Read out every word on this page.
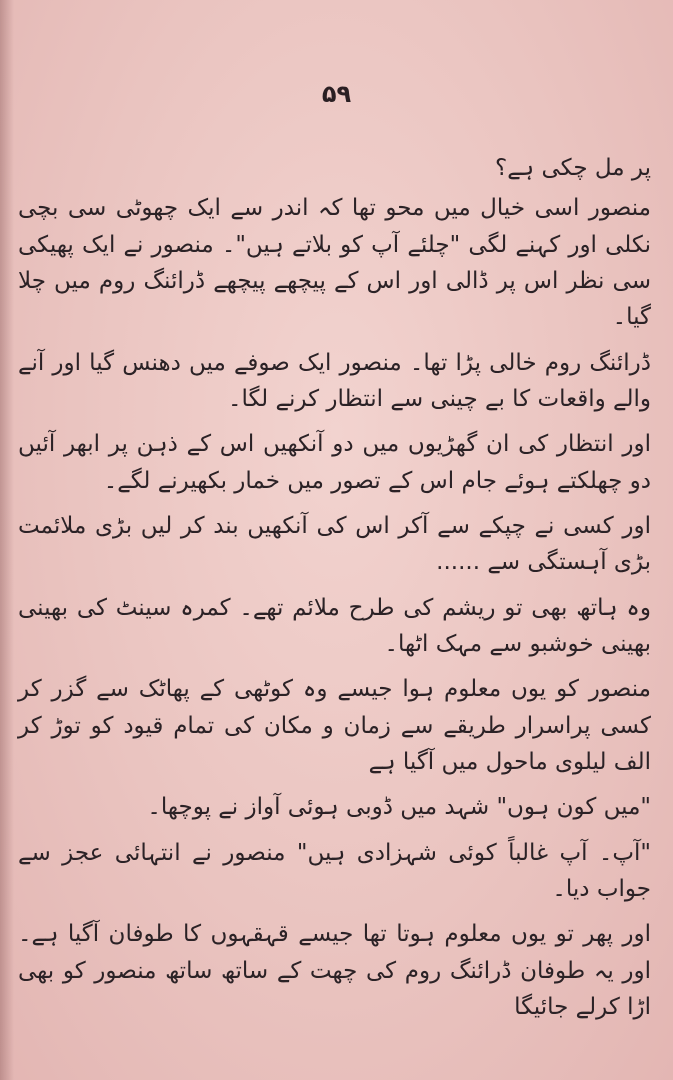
۵۹

پر مل چکی ہے؟

منصور اسی خیال میں محو تھا کہ اندر سے ایک چھوٹی سی بچی نکلی اور کہنے لگی "چلئے آپ کو بلاتے ہیں"۔ منصور نے ایک پھیکی سی نظر اس پر ڈالی اور اس کے پیچھے پیچھے ڈرائنگ روم میں چلا گیا۔

ڈرائنگ روم خالی پڑا تھا۔ منصور ایک صوفے میں دھنس گیا اور آنے والے واقعات کا بے چینی سے انتظار کرنے لگا۔

اور انتظار کی ان گھڑیوں میں دو آنکھیں اس کے ذہن پر ابھر آئیں دو چھلکتے ہوئے جام اس کے تصور میں خمار بکھیرنے لگے۔

اور کسی نے چپکے سے آکر اس کی آنکھیں بند کر لیں بڑی ملائمت بڑی آہستگی سے ......

وہ ہاتھ بھی تو ریشم کی طرح ملائم تھے۔ کمرہ سینٹ کی بھینی بھینی خوشبو سے مہک اٹھا۔

منصور کو یوں معلوم ہوا جیسے وہ کوٹھی کے پھاٹک سے گزر کر کسی پراسرار طریقے سے زمان و مکان کی تمام قیود کو توڑ کر الف لیلوی ماحول میں آگیا ہے

"میں کون ہوں" شہد میں ڈوبی ہوئی آواز نے پوچھا۔

"آپ۔ آپ غالباً کوئی شہزادی ہیں" منصور نے انتہائی عجز سے جواب دیا۔

اور پھر تو یوں معلوم ہوتا تھا جیسے قہقہوں کا طوفان آگیا ہے۔ اور یہ طوفان ڈرائنگ روم کی چھت کے ساتھ ساتھ منصور کو بھی اڑا کرلے جائیگا
